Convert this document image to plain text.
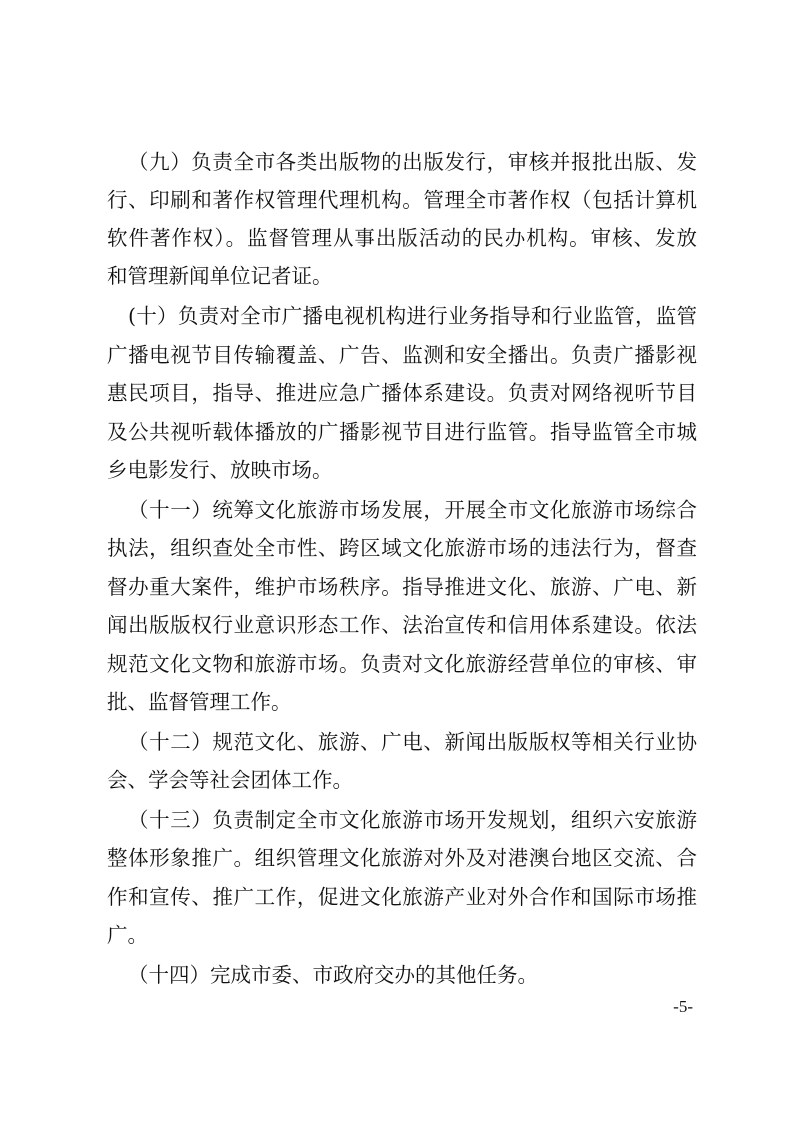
（九）负责全市各类出版物的出版发行，审核并报批出版、发
行、印刷和著作权管理代理机构。管理全市著作权（包括计算机
软件著作权）。监督管理从事出版活动的民办机构。审核、发放
和管理新闻单位记者证。
(十）负责对全市广播电视机构进行业务指导和行业监管，监管
广播电视节目传输覆盖、广告、监测和安全播出。负责广播影视
惠民项目，指导、推进应急广播体系建设。负责对网络视听节目
及公共视听载体播放的广播影视节目进行监管。指导监管全市城
乡电影发行、放映市场。
（十一）统筹文化旅游市场发展，开展全市文化旅游市场综合
执法，组织查处全市性、跨区域文化旅游市场的违法行为，督查
督办重大案件，维护市场秩序。指导推进文化、旅游、广电、新
闻出版版权行业意识形态工作、法治宣传和信用体系建设。依法
规范文化文物和旅游市场。负责对文化旅游经营单位的审核、审
批、监督管理工作。
（十二）规范文化、旅游、广电、新闻出版版权等相关行业协
会、学会等社会团体工作。
（十三）负责制定全市文化旅游市场开发规划，组织六安旅游
整体形象推广。组织管理文化旅游对外及对港澳台地区交流、合
作和宣传、推广工作，促进文化旅游产业对外合作和国际市场推
广。
（十四）完成市委、市政府交办的其他任务。
-5-
